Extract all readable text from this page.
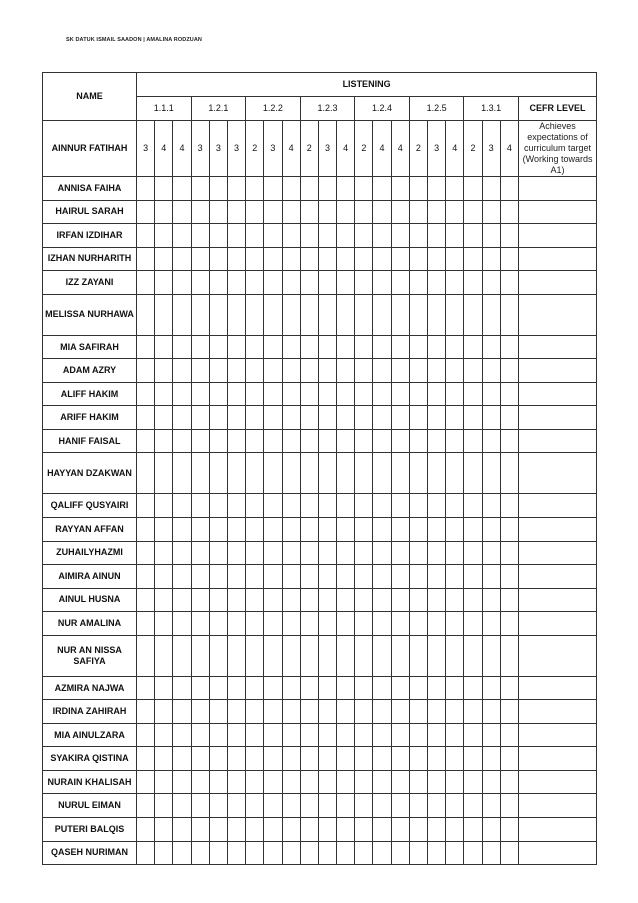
SK DATUK ISMAIL SAADON | AMALINA RODZUAN
NAME	LISTENING																					
	1.1.1			1.2.1			1.2.2			1.2.3			1.2.4			1.2.5			1.3.1			CEFR LEVEL
AINNUR FATIHAH	3	4	4	3	3	3	2	3	4	2	3	4	2	4	4	2	3	4	2	3	4	Achieves expectations of curriculum target (Working towards A1)
ANNISA FAIHA																						
HAIRUL SARAH																						
IRFAN IZDIHAR																						
IZHAN NURHARITH																						
IZZ ZAYANI																						
MELISSA NURHAWA																						
MIA SAFIRAH																						
ADAM AZRY																						
ALIFF HAKIM																						
ARIFF HAKIM																						
HANIF FAISAL																						
HAYYAN DZAKWAN																						
QALIFF QUSYAIRI																						
RAYYAN AFFAN																						
ZUHAILYHAZMI																						
AIMIRA AINUN																						
AINUL HUSNA																						
NUR AMALINA																						
NUR AN NISSA SAFIYA																						
AZMIRA NAJWA																						
IRDINA ZAHIRAH																						
MIA AINULZARA																						
SYAKIRA QISTINA																						
NURAIN KHALISAH																						
NURUL EIMAN																						
PUTERI BALQIS																						
QASEH NURIMAN																						
